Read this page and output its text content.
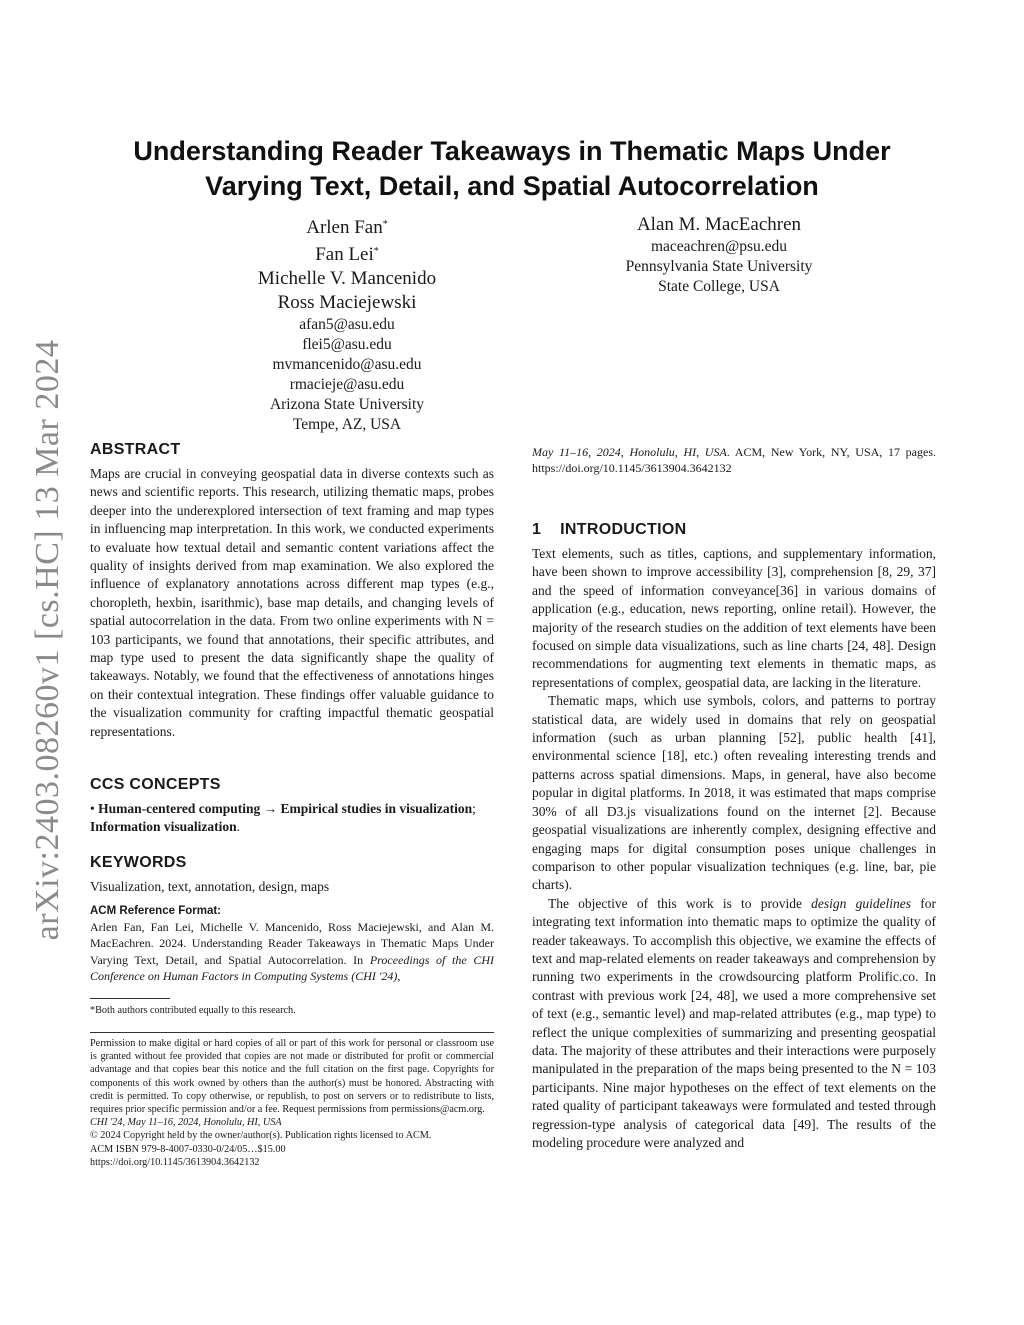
arXiv:2403.08260v1 [cs.HC] 13 Mar 2024
Understanding Reader Takeaways in Thematic Maps Under
Varying Text, Detail, and Spatial Autocorrelation
Arlen Fan*
Fan Lei*
Michelle V. Mancenido
Ross Maciejewski
afan5@asu.edu
flei5@asu.edu
mvmancenido@asu.edu
rmacieje@asu.edu
Arizona State University
Tempe, AZ, USA
Alan M. MacEachren
maceachren@psu.edu
Pennsylvania State University
State College, USA
ABSTRACT

Maps are crucial in conveying geospatial data in diverse contexts such as news and scientific reports. This research, utilizing thematic maps, probes deeper into the underexplored intersection of text framing and map types in influencing map interpretation. In this work, we conducted experiments to evaluate how textual detail and semantic content variations affect the quality of insights derived from map examination. We also explored the influence of explanatory annotations across different map types (e.g., choropleth, hexbin, isarithmic), base map details, and changing levels of spatial autocorrelation in the data. From two online experiments with N = 103 participants, we found that annotations, their specific attributes, and map type used to present the data significantly shape the quality of takeaways. Notably, we found that the effectiveness of annotations hinges on their contextual integration. These findings offer valuable guidance to the visualization community for crafting impactful thematic geospatial representations.

CCS CONCEPTS

• Human-centered computing → Empirical studies in visualization; Information visualization.

KEYWORDS

Visualization, text, annotation, design, maps

ACM Reference Format:

Arlen Fan, Fan Lei, Michelle V. Mancenido, Ross Maciejewski, and Alan M. MacEachren. 2024. Understanding Reader Takeaways in Thematic Maps Under Varying Text, Detail, and Spatial Autocorrelation. In Proceedings of the CHI Conference on Human Factors in Computing Systems (CHI '24),

*Both authors contributed equally to this research.

Permission to make digital or hard copies of all or part of this work for personal or classroom use is granted without fee provided that copies are not made or distributed for profit or commercial advantage and that copies bear this notice and the full citation on the first page. Copyrights for components of this work owned by others than the author(s) must be honored. Abstracting with credit is permitted. To copy otherwise, or republish, to post on servers or to redistribute to lists, requires prior specific permission and/or a fee. Request permissions from permissions@acm.org.

CHI '24, May 11–16, 2024, Honolulu, HI, USA

© 2024 Copyright held by the owner/author(s). Publication rights licensed to ACM.

ACM ISBN 979-8-4007-0330-0/24/05…$15.00

https://doi.org/10.1145/3613904.3642132

May 11–16, 2024, Honolulu, HI, USA. ACM, New York, NY, USA, 17 pages. https://doi.org/10.1145/3613904.3642132

1    INTRODUCTION

Text elements, such as titles, captions, and supplementary information, have been shown to improve accessibility [3], comprehension [8, 29, 37] and the speed of information conveyance[36] in various domains of application (e.g., education, news reporting, online retail). However, the majority of the research studies on the addition of text elements have been focused on simple data visualizations, such as line charts [24, 48]. Design recommendations for augmenting text elements in thematic maps, as representations of complex, geospatial data, are lacking in the literature.

Thematic maps, which use symbols, colors, and patterns to portray statistical data, are widely used in domains that rely on geospatial information (such as urban planning [52], public health [41], environmental science [18], etc.) often revealing interesting trends and patterns across spatial dimensions. Maps, in general, have also become popular in digital platforms. In 2018, it was estimated that maps comprise 30% of all D3.js visualizations found on the internet [2]. Because geospatial visualizations are inherently complex, designing effective and engaging maps for digital consumption poses unique challenges in comparison to other popular visualization techniques (e.g. line, bar, pie charts).

The objective of this work is to provide design guidelines for integrating text information into thematic maps to optimize the quality of reader takeaways. To accomplish this objective, we examine the effects of text and map-related elements on reader takeaways and comprehension by running two experiments in the crowdsourcing platform Prolific.co. In contrast with previous work [24, 48], we used a more comprehensive set of text (e.g., semantic level) and map-related attributes (e.g., map type) to reflect the unique complexities of summarizing and presenting geospatial data. The majority of these attributes and their interactions were purposely manipulated in the preparation of the maps being presented to the N = 103 participants. Nine major hypotheses on the effect of text elements on the rated quality of participant takeaways were formulated and tested through regression-type analysis of categorical data [49]. The results of the modeling procedure were analyzed and
